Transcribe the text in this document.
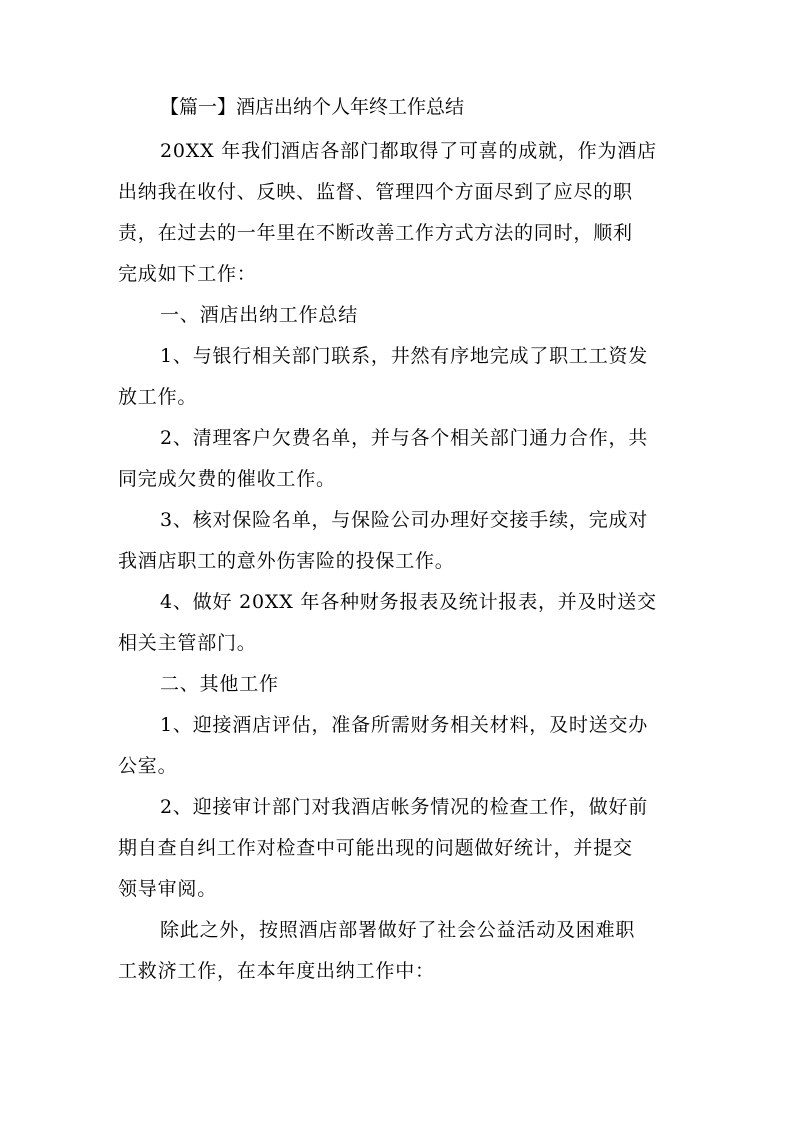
【篇一】酒店出纳个人年终工作总结

20XX 年我们酒店各部门都取得了可喜的成就，作为酒店
出纳我在收付、反映、监督、管理四个方面尽到了应尽的职
责，在过去的一年里在不断改善工作方式方法的同时，顺利
完成如下工作：

一、酒店出纳工作总结

1、与银行相关部门联系，井然有序地完成了职工工资发
放工作。

2、清理客户欠费名单，并与各个相关部门通力合作，共
同完成欠费的催收工作。

3、核对保险名单，与保险公司办理好交接手续，完成对
我酒店职工的意外伤害险的投保工作。

4、做好 20XX 年各种财务报表及统计报表，并及时送交
相关主管部门。

二、其他工作

1、迎接酒店评估，准备所需财务相关材料，及时送交办
公室。

2、迎接审计部门对我酒店帐务情况的检查工作，做好前
期自查自纠工作对检查中可能出现的问题做好统计，并提交
领导审阅。

除此之外，按照酒店部署做好了社会公益活动及困难职
工救济工作，在本年度出纳工作中：
